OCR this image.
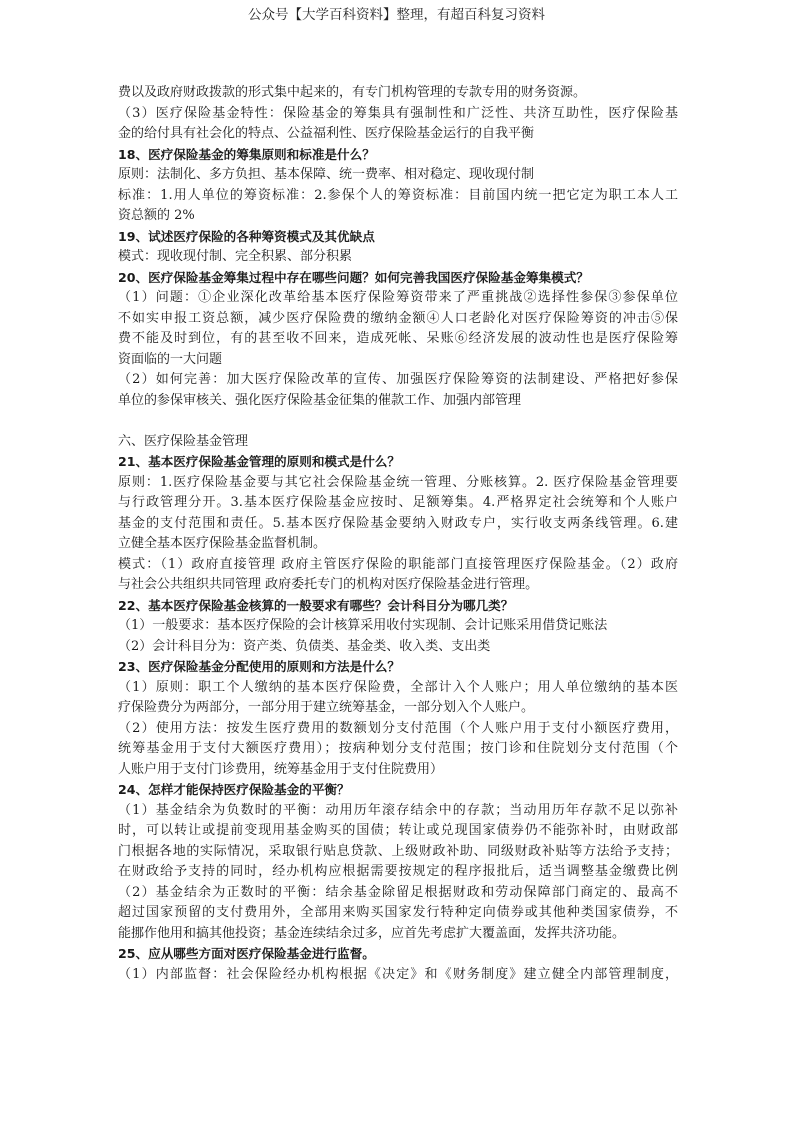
公众号【大学百科资料】整理，有超百科复习资料
费以及政府财政拨款的形式集中起来的，有专门机构管理的专款专用的财务资源。
（3）医疗保险基金特性：保险基金的筹集具有强制性和广泛性、共济互助性，医疗保险基
金的给付具有社会化的特点、公益福利性、医疗保险基金运行的自我平衡
18、医疗保险基金的筹集原则和标准是什么？
原则：法制化、多方负担、基本保障、统一费率、相对稳定、现收现付制
标准：1.用人单位的筹资标准：2.参保个人的筹资标准：目前国内统一把它定为职工本人工
资总额的 2%
19、试述医疗保险的各种筹资模式及其优缺点
模式：现收现付制、完全积累、部分积累
20、医疗保险基金筹集过程中存在哪些问题？如何完善我国医疗保险基金筹集模式？
（1）问题：①企业深化改革给基本医疗保险筹资带来了严重挑战②选择性参保③参保单位
不如实申报工资总额，减少医疗保险费的缴纳金额④人口老龄化对医疗保险筹资的冲击⑤保
费不能及时到位，有的甚至收不回来，造成死帐、呆账⑥经济发展的波动性也是医疗保险筹
资面临的一大问题
（2）如何完善：加大医疗保险改革的宣传、加强医疗保险筹资的法制建设、严格把好参保
单位的参保审核关、强化医疗保险基金征集的催款工作、加强内部管理
六、医疗保险基金管理
21、基本医疗保险基金管理的原则和模式是什么？
原则：1.医疗保险基金要与其它社会保险基金统一管理、分账核算。2. 医疗保险基金管理要
与行政管理分开。3.基本医疗保险基金应按时、足额筹集。4.严格界定社会统筹和个人账户
基金的支付范围和责任。5.基本医疗保险基金要纳入财政专户，实行收支两条线管理。6.建
立健全基本医疗保险基金监督机制。
模式：（1）政府直接管理 政府主管医疗保险的职能部门直接管理医疗保险基金。（2）政府
与社会公共组织共同管理 政府委托专门的机构对医疗保险基金进行管理。
22、基本医疗保险基金核算的一般要求有哪些？会计科目分为哪几类？
（1）一般要求：基本医疗保险的会计核算采用收付实现制、会计记账采用借贷记账法
（2）会计科目分为：资产类、负债类、基金类、收入类、支出类
23、医疗保险基金分配使用的原则和方法是什么？
（1）原则：职工个人缴纳的基本医疗保险费，全部计入个人账户；用人单位缴纳的基本医
疗保险费分为两部分，一部分用于建立统筹基金，一部分划入个人账户。
（2）使用方法：按发生医疗费用的数额划分支付范围（个人账户用于支付小额医疗费用，
统筹基金用于支付大额医疗费用）；按病种划分支付范围；按门诊和住院划分支付范围（个
人账户用于支付门诊费用，统筹基金用于支付住院费用）
24、怎样才能保持医疗保险基金的平衡？
（1）基金结余为负数时的平衡：动用历年滚存结余中的存款；当动用历年存款不足以弥补
时，可以转让或提前变现用基金购买的国债；转让或兑现国家债券仍不能弥补时，由财政部
门根据各地的实际情况，采取银行贴息贷款、上级财政补助、同级财政补贴等方法给予支持；
在财政给予支持的同时，经办机构应根据需要按规定的程序报批后，适当调整基金缴费比例
（2）基金结余为正数时的平衡：结余基金除留足根据财政和劳动保障部门商定的、最高不
超过国家预留的支付费用外，全部用来购买国家发行特种定向债券或其他种类国家债券，不
能挪作他用和搞其他投资；基金连续结余过多，应首先考虑扩大覆盖面，发挥共济功能。
25、应从哪些方面对医疗保险基金进行监督。
（1）内部监督：社会保险经办机构根据《决定》和《财务制度》建立健全内部管理制度，
